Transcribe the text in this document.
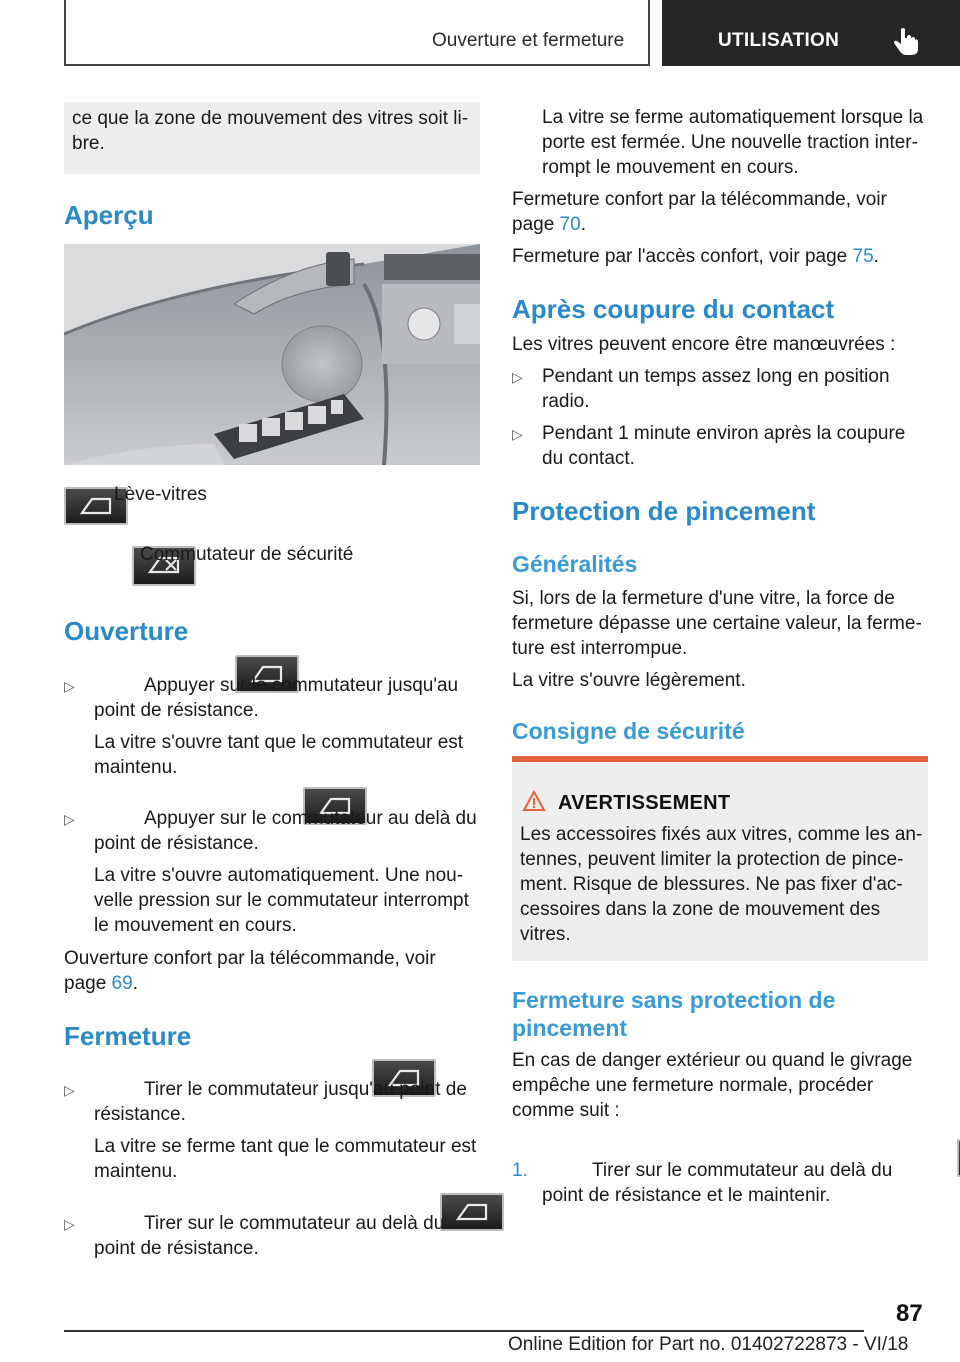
Ouverture et fermeture	UTILISATION
ce que la zone de mouvement des vitres soit li-
bre.
Aperçu

Lève-vitres

Commutateur de sécurité
Ouverture
▷
	Appuyer sur le commutateur jusqu'au
point de résistance.
La vitre s'ouvre tant que le commutateur est
maintenu.
▷
	Appuyer sur le commutateur au delà du
point de résistance.
La vitre s'ouvre automatiquement. Une nou-
velle pression sur le commutateur interrompt
le mouvement en cours.
Ouverture confort par la télécommande, voir
page 69.
Fermeture
▷
	Tirer le commutateur jusqu'au point de
résistance.
La vitre se ferme tant que le commutateur est
maintenu.
▷
	Tirer sur le commutateur au delà du
point de résistance.
La vitre se ferme automatiquement lorsque la
porte est fermée. Une nouvelle traction inter-
rompt le mouvement en cours.
Fermeture confort par la télécommande, voir
page 70.
Fermeture par l'accès confort, voir page 75.
Après coupure du contact
Les vitres peuvent encore être manœuvrées :
▷ Pendant un temps assez long en position
radio.
▷ Pendant 1 minute environ après la coupure
du contact.
Protection de pincement
Généralités
Si, lors de la fermeture d'une vitre, la force de
fermeture dépasse une certaine valeur, la ferme-
ture est interrompue.
La vitre s'ouvre légèrement.
Consigne de sécurité
AVERTISSEMENT
Les accessoires fixés aux vitres, comme les an-
tennes, peuvent limiter la protection de pince-
ment. Risque de blessures. Ne pas fixer d'ac-
cessoires dans la zone de mouvement des
vitres.
Fermeture sans protection de
pincement
En cas de danger extérieur ou quand le givrage
empêche une fermeture normale, procéder
comme suit :
1.	Tirer sur le commutateur au delà du
point de résistance et le maintenir.
87
Online Edition for Part no. 01402722873 - VI/18
